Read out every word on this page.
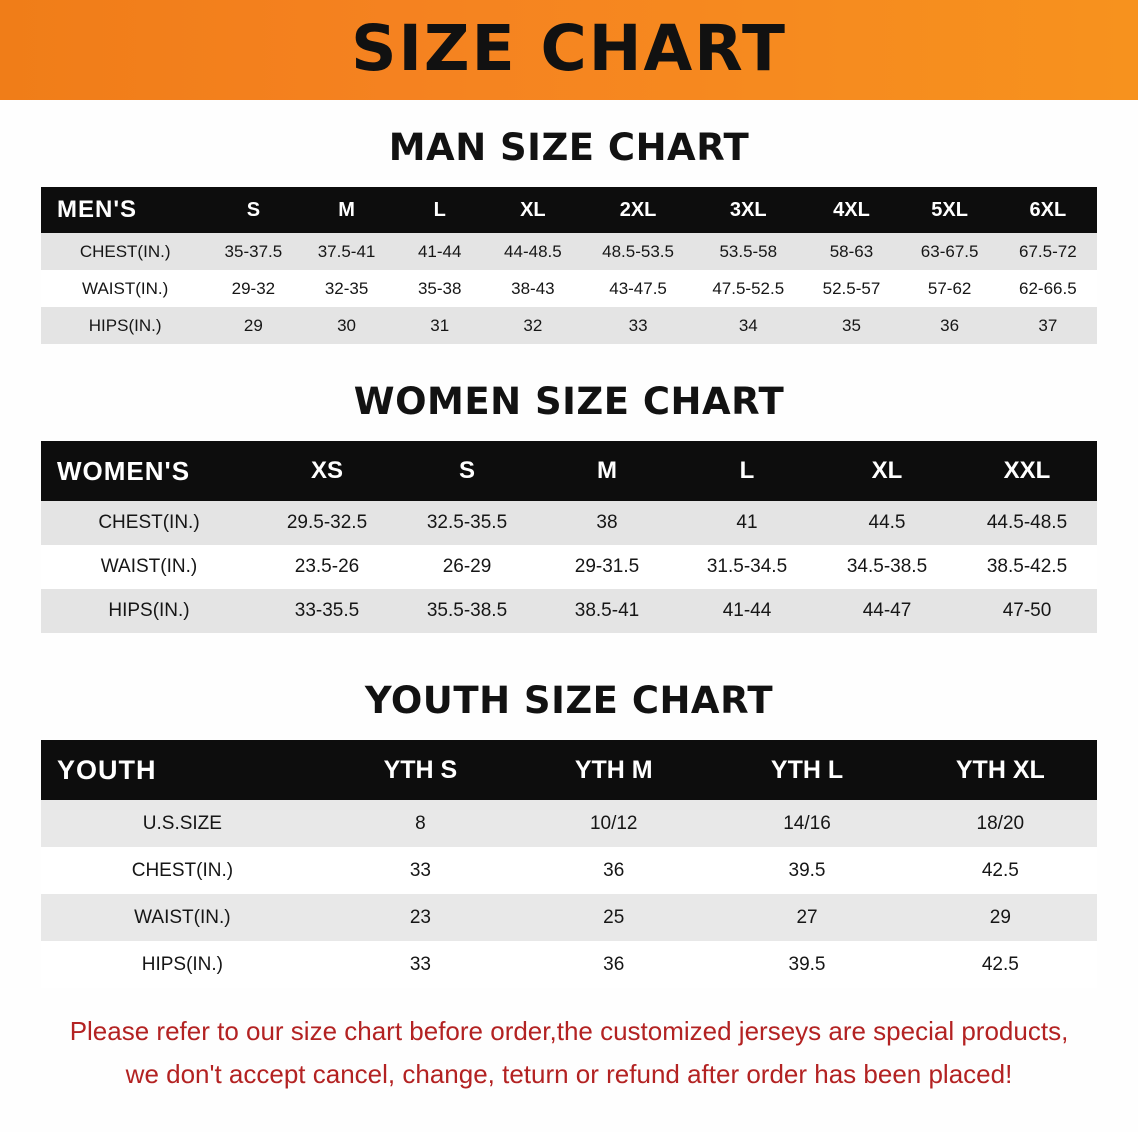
SIZE CHART
MAN SIZE CHART
MEN'S	S	M	L	XL	2XL	3XL	4XL	5XL	6XL
CHEST(IN.)	35-37.5	37.5-41	41-44	44-48.5	48.5-53.5	53.5-58	58-63	63-67.5	67.5-72
WAIST(IN.)	29-32	32-35	35-38	38-43	43-47.5	47.5-52.5	52.5-57	57-62	62-66.5
HIPS(IN.)	29	30	31	32	33	34	35	36	37
WOMEN SIZE CHART
WOMEN'S	XS	S	M	L	XL	XXL
CHEST(IN.)	29.5-32.5	32.5-35.5	38	41	44.5	44.5-48.5
WAIST(IN.)	23.5-26	26-29	29-31.5	31.5-34.5	34.5-38.5	38.5-42.5
HIPS(IN.)	33-35.5	35.5-38.5	38.5-41	41-44	44-47	47-50
YOUTH SIZE CHART
YOUTH	YTH S	YTH M	YTH L	YTH XL
U.S.SIZE	8	10/12	14/16	18/20
CHEST(IN.)	33	36	39.5	42.5
WAIST(IN.)	23	25	27	29
HIPS(IN.)	33	36	39.5	42.5
Please refer to our size chart before order,the customized jerseys are special products,
we don't accept cancel, change, teturn or refund after order has been placed!
